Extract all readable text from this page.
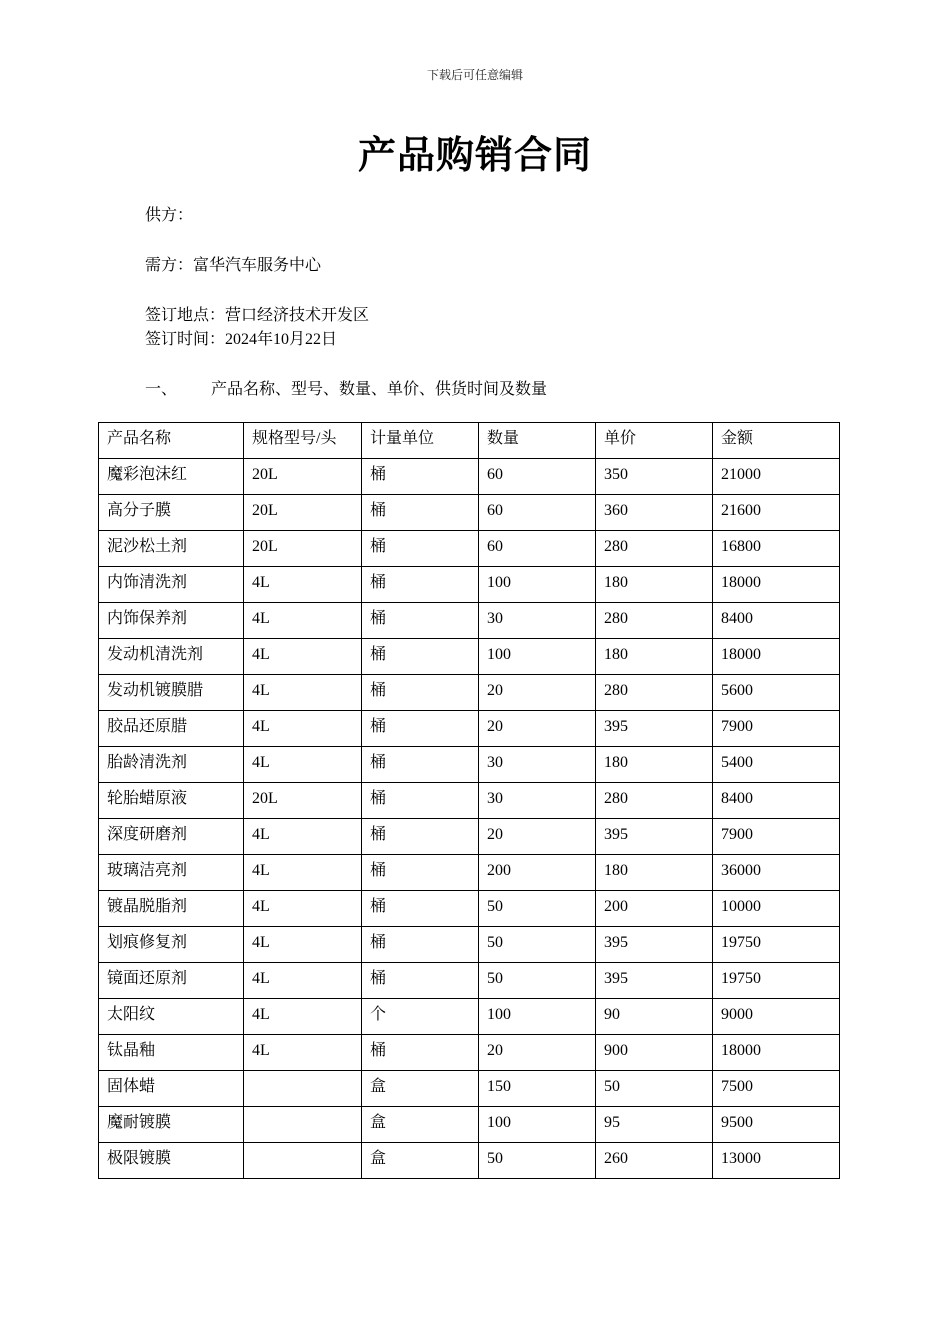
下载后可任意编辑
产品购销合同
供方：
需方：富华汽车服务中心
签订地点：营口经济技术开发区
签订时间：2024年10月22日
一、 产品名称、型号、数量、单价、供货时间及数量
产品名称	规格型号/头	计量单位	数量	单价	金额
魔彩泡沫红	20L	桶	60	350	21000
高分子膜	20L	桶	60	360	21600
泥沙松土剂	20L	桶	60	280	16800
内饰清洗剂	4L	桶	100	180	18000
内饰保养剂	4L	桶	30	280	8400
发动机清洗剂	4L	桶	100	180	18000
发动机镀膜腊	4L	桶	20	280	5600
胶品还原腊	4L	桶	20	395	7900
胎龄清洗剂	4L	桶	30	180	5400
轮胎蜡原液	20L	桶	30	280	8400
深度研磨剂	4L	桶	20	395	7900
玻璃洁亮剂	4L	桶	200	180	36000
镀晶脱脂剂	4L	桶	50	200	10000
划痕修复剂	4L	桶	50	395	19750
镜面还原剂	4L	桶	50	395	19750
太阳纹	4L	个	100	90	9000
钛晶釉	4L	桶	20	900	18000
固体蜡		盒	150	50	7500
魔耐镀膜		盒	100	95	9500
极限镀膜		盒	50	260	13000
